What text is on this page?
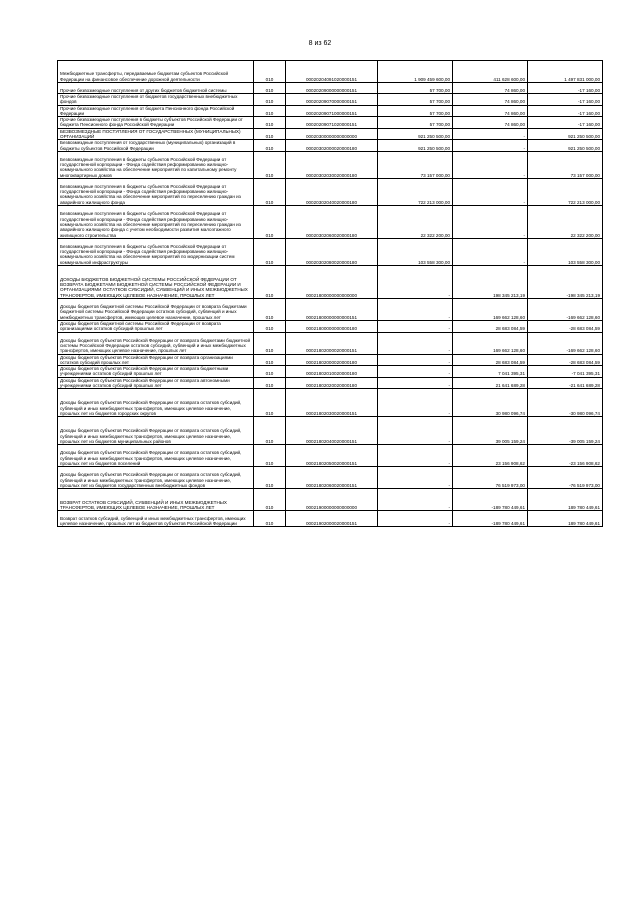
8 из 62
Межбюджетные трансферты, передаваемые бюджетам субъектов Российской Федерации на финансовое обеспечение дорожной деятельности	010	00020204091020000151	1 909 459 600,00	411 628 600,00	1 497 831 000,00
Прочие безвозмездные поступления от других бюджетов бюджетной системы	010	00020209000000000151	57 700,00	74 860,00	-17 160,00
Прочие безвозмездные поступления от бюджетов государственных внебюджетных фондов	010	00020209070000000151	57 700,00	74 860,00	-17 160,00
Прочие безвозмездные поступления от бюджета Пенсионного фонда Российской Федерации	010	00020209071000000151	57 700,00	74 860,00	-17 160,00
Прочие безвозмездные поступления в бюджеты субъектов Российской Федерации от бюджета Пенсионного фонда Российской Федерации	010	00020209071020000151	57 700,00	74 860,00	-17 160,00
БЕЗВОЗМЕЗДНЫЕ ПОСТУПЛЕНИЯ ОТ ГОСУДАРСТВЕННЫХ (МУНИЦИПАЛЬНЫХ) ОРГАНИЗАЦИЙ	010	00020300000000000000	921 250 500,00	-	921 250 500,00
Безвозмездные поступления от государственных (муниципальных) организаций в бюджеты субъектов Российской Федерации	010	00020302000020000180	921 250 500,00	-	921 250 500,00
Безвозмездные поступления в бюджеты субъектов Российской Федерации от государственной корпорации - Фонда содействия реформированию жилищно-коммунального хозяйства на обеспечение мероприятий по капитальному ремонту многоквартирных домов	010	00020302030020000180	73 157 000,00	-	73 157 000,00
Безвозмездные поступления в бюджеты субъектов Российской Федерации от государственной корпорации - Фонда содействия реформированию жилищно-коммунального хозяйства на обеспечение мероприятий по переселению граждан из аварийного жилищного фонда	010	00020302040020000180	722 213 000,00	-	722 213 000,00
Безвозмездные поступления в бюджеты субъектов Российской Федерации от государственной корпорации - Фонда содействия реформированию жилищно-коммунального хозяйства на обеспечение мероприятий по переселению граждан из аварийного жилищного фонда с учетом необходимости развития малоэтажного жилищного строительства	010	00020302060020000180	22 322 200,00	-	22 322 200,00
Безвозмездные поступления в бюджеты субъектов Российской Федерации от государственной корпорации - Фонда содействия реформированию жилищно-коммунального хозяйства на обеспечение мероприятий по модернизации систем коммунальной инфраструктуры	010	00020302080020000180	103 558 300,00	-	103 558 300,00
ДОХОДЫ БЮДЖЕТОВ БЮДЖЕТНОЙ СИСТЕМЫ РОССИЙСКОЙ ФЕДЕРАЦИИ ОТ ВОЗВРАТА БЮДЖЕТАМИ БЮДЖЕТНОЙ СИСТЕМЫ РОССИЙСКОЙ ФЕДЕРАЦИИ И ОРГАНИЗАЦИЯМИ ОСТАТКОВ СУБСИДИЙ, СУБВЕНЦИЙ И ИНЫХ МЕЖБЮДЖЕТНЫХ ТРАНСФЕРТОВ, ИМЕЮЩИХ ЦЕЛЕВОЕ НАЗНАЧЕНИЕ, ПРОШЛЫХ ЛЕТ	010	00021800000000000000	-	198 345 213,19	-198 345 213,19
Доходы бюджетов бюджетной системы Российской Федерации от возврата бюджетами бюджетной системы Российской Федерации остатков субсидий, субвенций и иных межбюджетных трансфертов, имеющих целевое назначение, прошлых лет	010	00021800000000000151	-	169 662 128,60	-169 662 128,60
Доходы бюджетов бюджетной системы Российской Федерации от возврата организациями остатков субсидий прошлых лет	010	00021800000000000180	-	28 683 084,59	-28 683 084,59
Доходы бюджетов субъектов Российской Федерации от возврата бюджетами бюджетной системы Российской Федерации остатков субсидий, субвенций и иных межбюджетных трансфертов, имеющих целевое назначение, прошлых лет	010	00021802000020000151	-	169 662 128,60	-169 662 128,60
Доходы бюджетов субъектов Российской Федерации от возврата организациями остатков субсидий прошлых лет	010	00021802000020000180	-	28 683 084,59	-28 683 084,59
Доходы бюджетов субъектов Российской Федерации от возврата бюджетными учреждениями остатков субсидий прошлых лет	010	00021802010020000180	-	7 041 395,31	-7 041 395,31
Доходы бюджетов субъектов Российской Федерации от возврата автономными учреждениями остатков субсидий прошлых лет	010	00021802020020000180	-	21 641 689,28	-21 641 689,28
Доходы бюджетов субъектов Российской Федерации от возврата остатков субсидий, субвенций и иных межбюджетных трансфертов, имеющих целевое назначение, прошлых лет из бюджетов городских округов	010	00021802030020000151	-	30 980 096,74	-30 980 096,74
Доходы бюджетов субъектов Российской Федерации от возврата остатков субсидий, субвенций и иных межбюджетных трансфертов, имеющих целевое назначение, прошлых лет из бюджетов муниципальных районов	010	00021802040020000151	-	39 005 159,24	-39 005 159,24
Доходы бюджетов субъектов Российской Федерации от возврата остатков субсидий, субвенций и иных межбюджетных трансфертов, имеющих целевое назначение, прошлых лет из бюджетов поселений	010	00021802050020000151	-	23 156 908,62	-23 156 908,62
Доходы бюджетов субъектов Российской Федерации от возврата остатков субсидий, субвенций и иных межбюджетных трансфертов, имеющих целевое назначение, прошлых лет из бюджетов государственных внебюджетных фондов	010	00021802060020000151	-	76 519 973,00	-76 519 973,00
ВОЗВРАТ ОСТАТКОВ СУБСИДИЙ, СУБВЕНЦИЙ И ИНЫХ МЕЖБЮДЖЕТНЫХ ТРАНСФЕРТОВ, ИМЕЮЩИХ ЦЕЛЕВОЕ НАЗНАЧЕНИЕ, ПРОШЛЫХ ЛЕТ	010	00021900000000000000	-	-189 780 449,61	189 780 449,61
Возврат остатков субсидий, субвенций и иных межбюджетных трансфертов, имеющих целевое назначение, прошлых лет из бюджетов субъектов Российской Федерации	010	00021902000020000151	-	-189 780 449,61	189 780 449,61
